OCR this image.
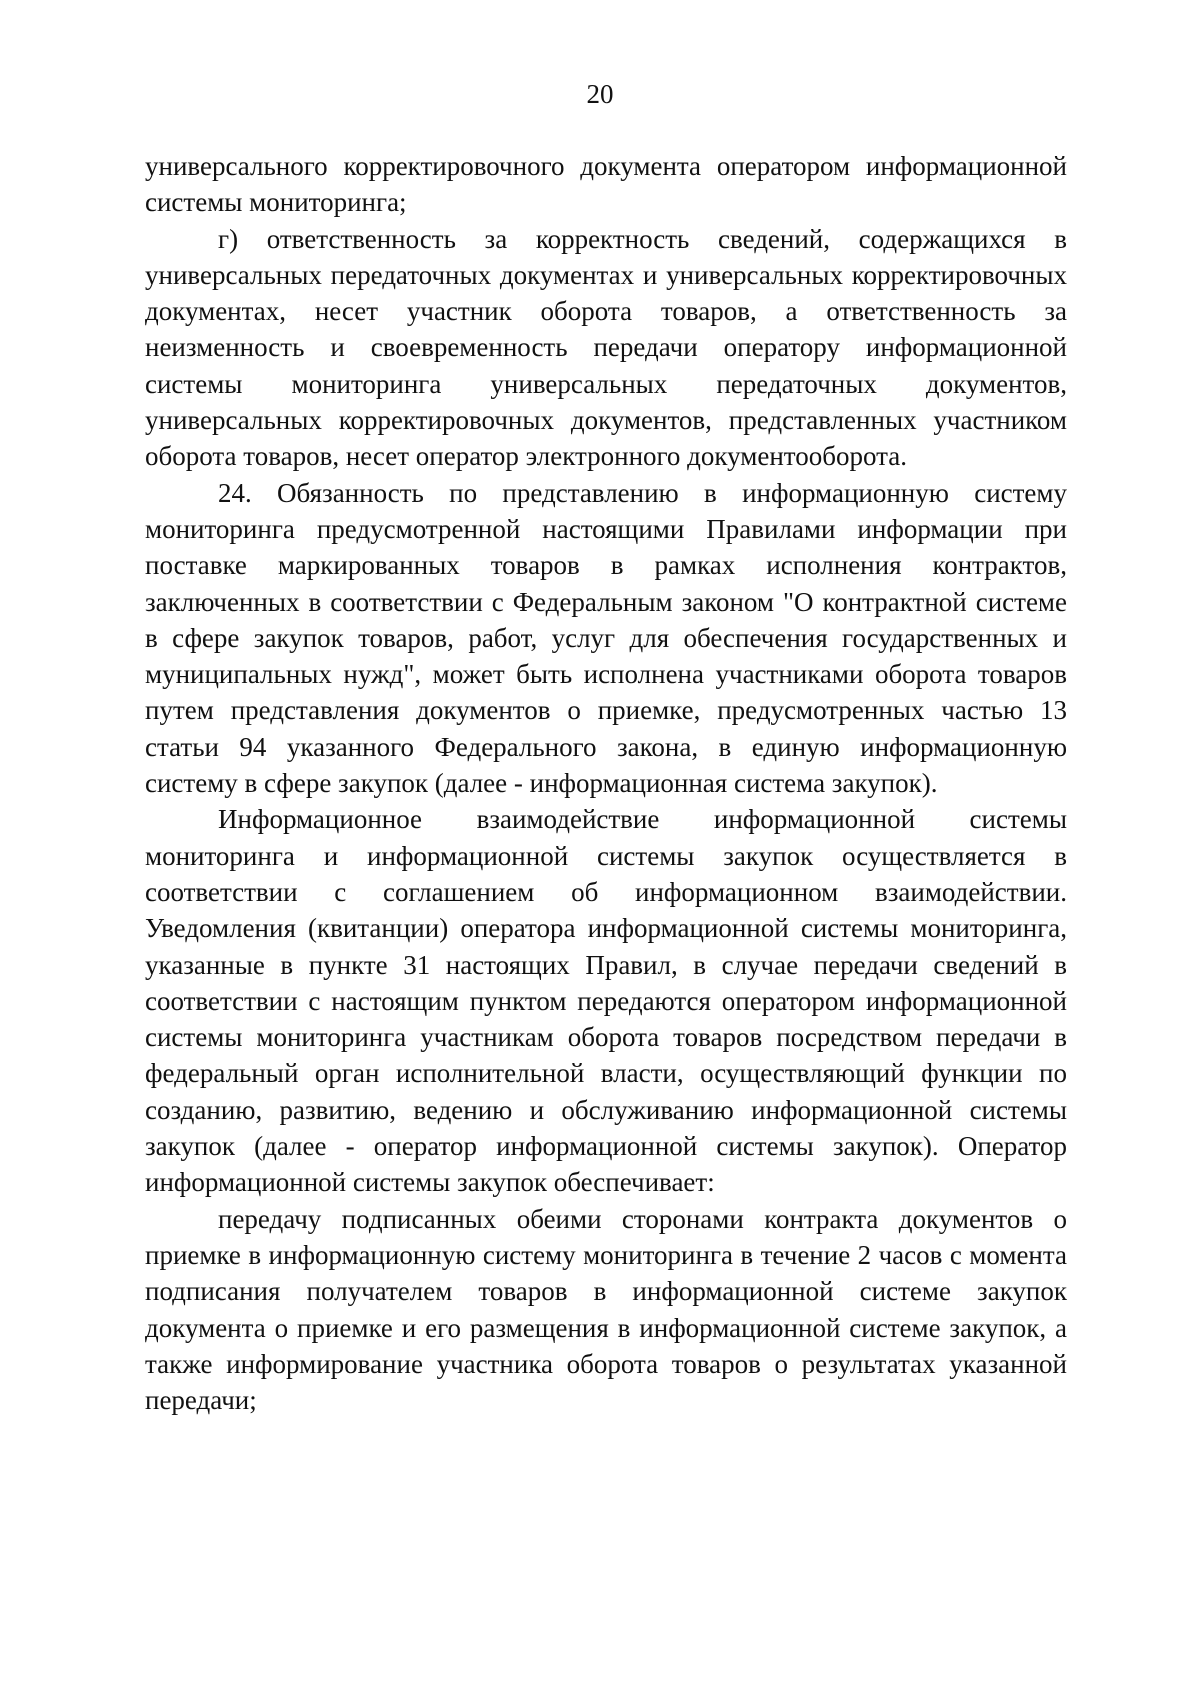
20

универсального корректировочного документа оператором информационной системы мониторинга;

г) ответственность за корректность сведений, содержащихся в универсальных передаточных документах и универсальных корректировочных документах, несет участник оборота товаров, а ответственность за неизменность и своевременность передачи оператору информационной системы мониторинга универсальных передаточных документов, универсальных корректировочных документов, представленных участником оборота товаров, несет оператор электронного документооборота.

24. Обязанность по представлению в информационную систему мониторинга предусмотренной настоящими Правилами информации при поставке маркированных товаров в рамках исполнения контрактов, заключенных в соответствии с Федеральным законом "О контрактной системе в сфере закупок товаров, работ, услуг для обеспечения государственных и муниципальных нужд", может быть исполнена участниками оборота товаров путем представления документов о приемке, предусмотренных частью 13 статьи 94 указанного Федерального закона, в единую информационную систему в сфере закупок (далее - информационная система закупок).

Информационное взаимодействие информационной системы мониторинга и информационной системы закупок осуществляется в соответствии с соглашением об информационном взаимодействии. Уведомления (квитанции) оператора информационной системы мониторинга, указанные в пункте 31 настоящих Правил, в случае передачи сведений в соответствии с настоящим пунктом передаются оператором информационной системы мониторинга участникам оборота товаров посредством передачи в федеральный орган исполнительной власти, осуществляющий функции по созданию, развитию, ведению и обслуживанию информационной системы закупок (далее - оператор информационной системы закупок). Оператор информационной системы закупок обеспечивает:

передачу подписанных обеими сторонами контракта документов о приемке в информационную систему мониторинга в течение 2 часов с момента подписания получателем товаров в информационной системе закупок документа о приемке и его размещения в информационной системе закупок, а также информирование участника оборота товаров о результатах указанной передачи;
